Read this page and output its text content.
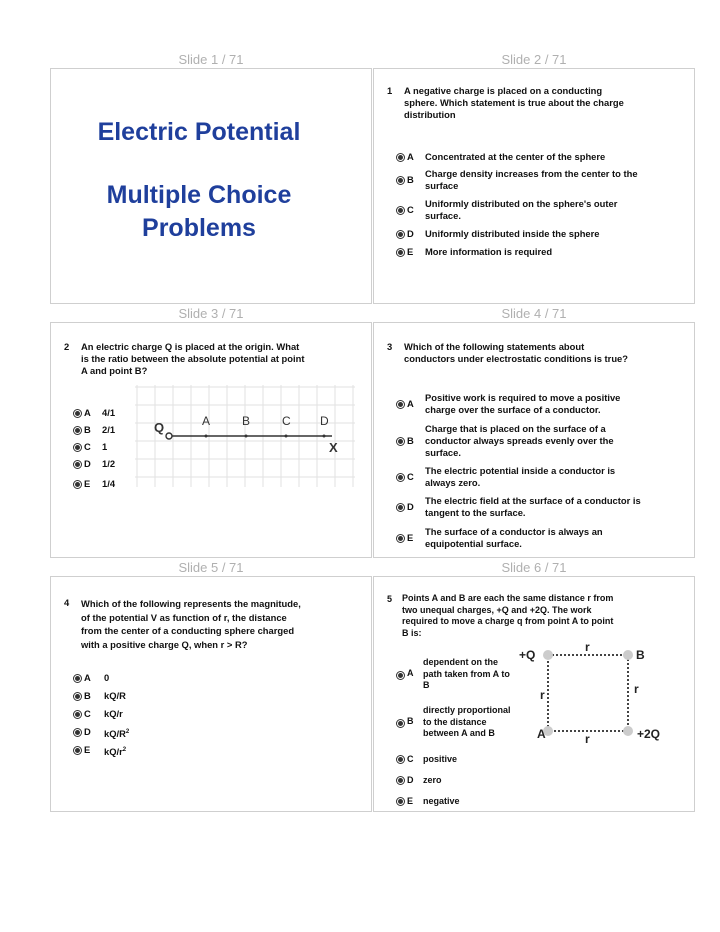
Slide 1 / 71	Slide 2 / 71
Slide 3 / 71	Slide 4 / 71
Slide 5 / 71	Slide 6 / 71
Electric Potential
Multiple Choice
Problems
1 A negative charge is placed on a conducting
sphere. Which statement is true about the charge
distribution
A Concentrated at the center of the sphere
B
Charge density increases from the center to the
surface
C
Uniformly distributed on the sphere's outer
surface.
D Uniformly distributed inside the sphere
E More information is required
2 An electric charge Q is placed at the origin. What
is the ratio between the absolute potential at point
A and point B?
A 4/1
B 2/1
C 1
D 1/2
E 1/4
Q	A	B	C D
X
3 Which of the following statements about
conductors under electrostatic conditions is true?
A
Positive work is required to move a positive
charge over the surface of a conductor.
B
Charge that is placed on the surface of a
conductor always spreads evenly over the
surface.
C
The electric potential inside a conductor is
always zero.
D
The electric field at the surface of a conductor is
tangent to the surface.
E
The surface of a conductor is always an
equipotential surface.
4 Which of the following represents the magnitude,
of the potential V as function of r, the distance
from the center of a conducting sphere charged
with a positive charge Q, when r > R?
A 0
B kQ/R
C kQ/r
D $kQ/R^2$
E $kQ/r^2$
5 Points A and B are each the same distance r from
two unequal charges, +Q and +2Q. The work
required to move a charge q from point A to point
B is:
A
dependent on the
path taken from A to
B
B
directly proportional
to the distance
between A and B
C positive
D zero
E negative
+Q	B
A	+2Q
r
r	r
r
